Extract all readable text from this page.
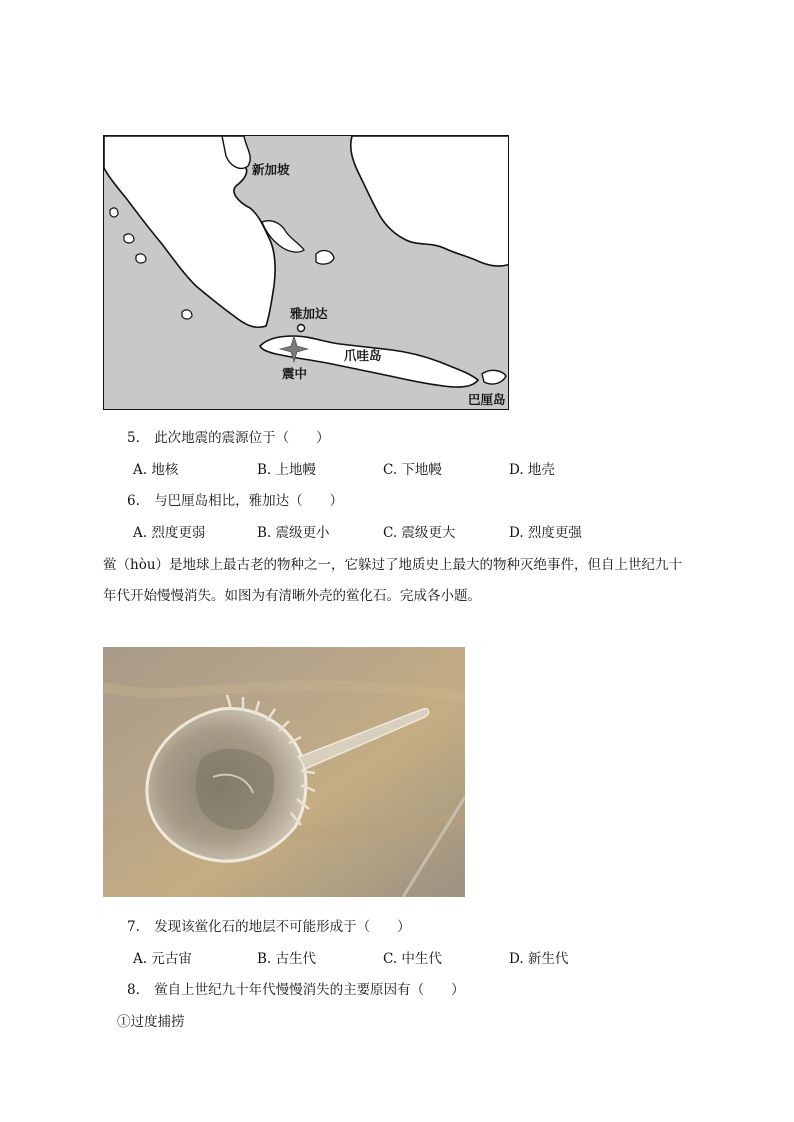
新加坡
雅加达
爪哇岛
震中
巴厘岛
5. 此次地震的震源位于（　　）
A. 地核	B. 上地幔	C. 下地幔	D. 地壳
6. 与巴厘岛相比，雅加达（　　）
A. 烈度更弱	B. 震级更小	C. 震级更大	D. 烈度更强
鲎（hòu）是地球上最古老的物种之一，它躲过了地质史上最大的物种灭绝事件，但自上世纪九十
年代开始慢慢消失。如图为有清晰外壳的鲎化石。完成各小题。
7. 发现该鲎化石的地层不可能形成于（　　）
A. 元古宙	B. 古生代	C. 中生代	D. 新生代
8. 鲎自上世纪九十年代慢慢消失的主要原因有（　　）
①过度捕捞
